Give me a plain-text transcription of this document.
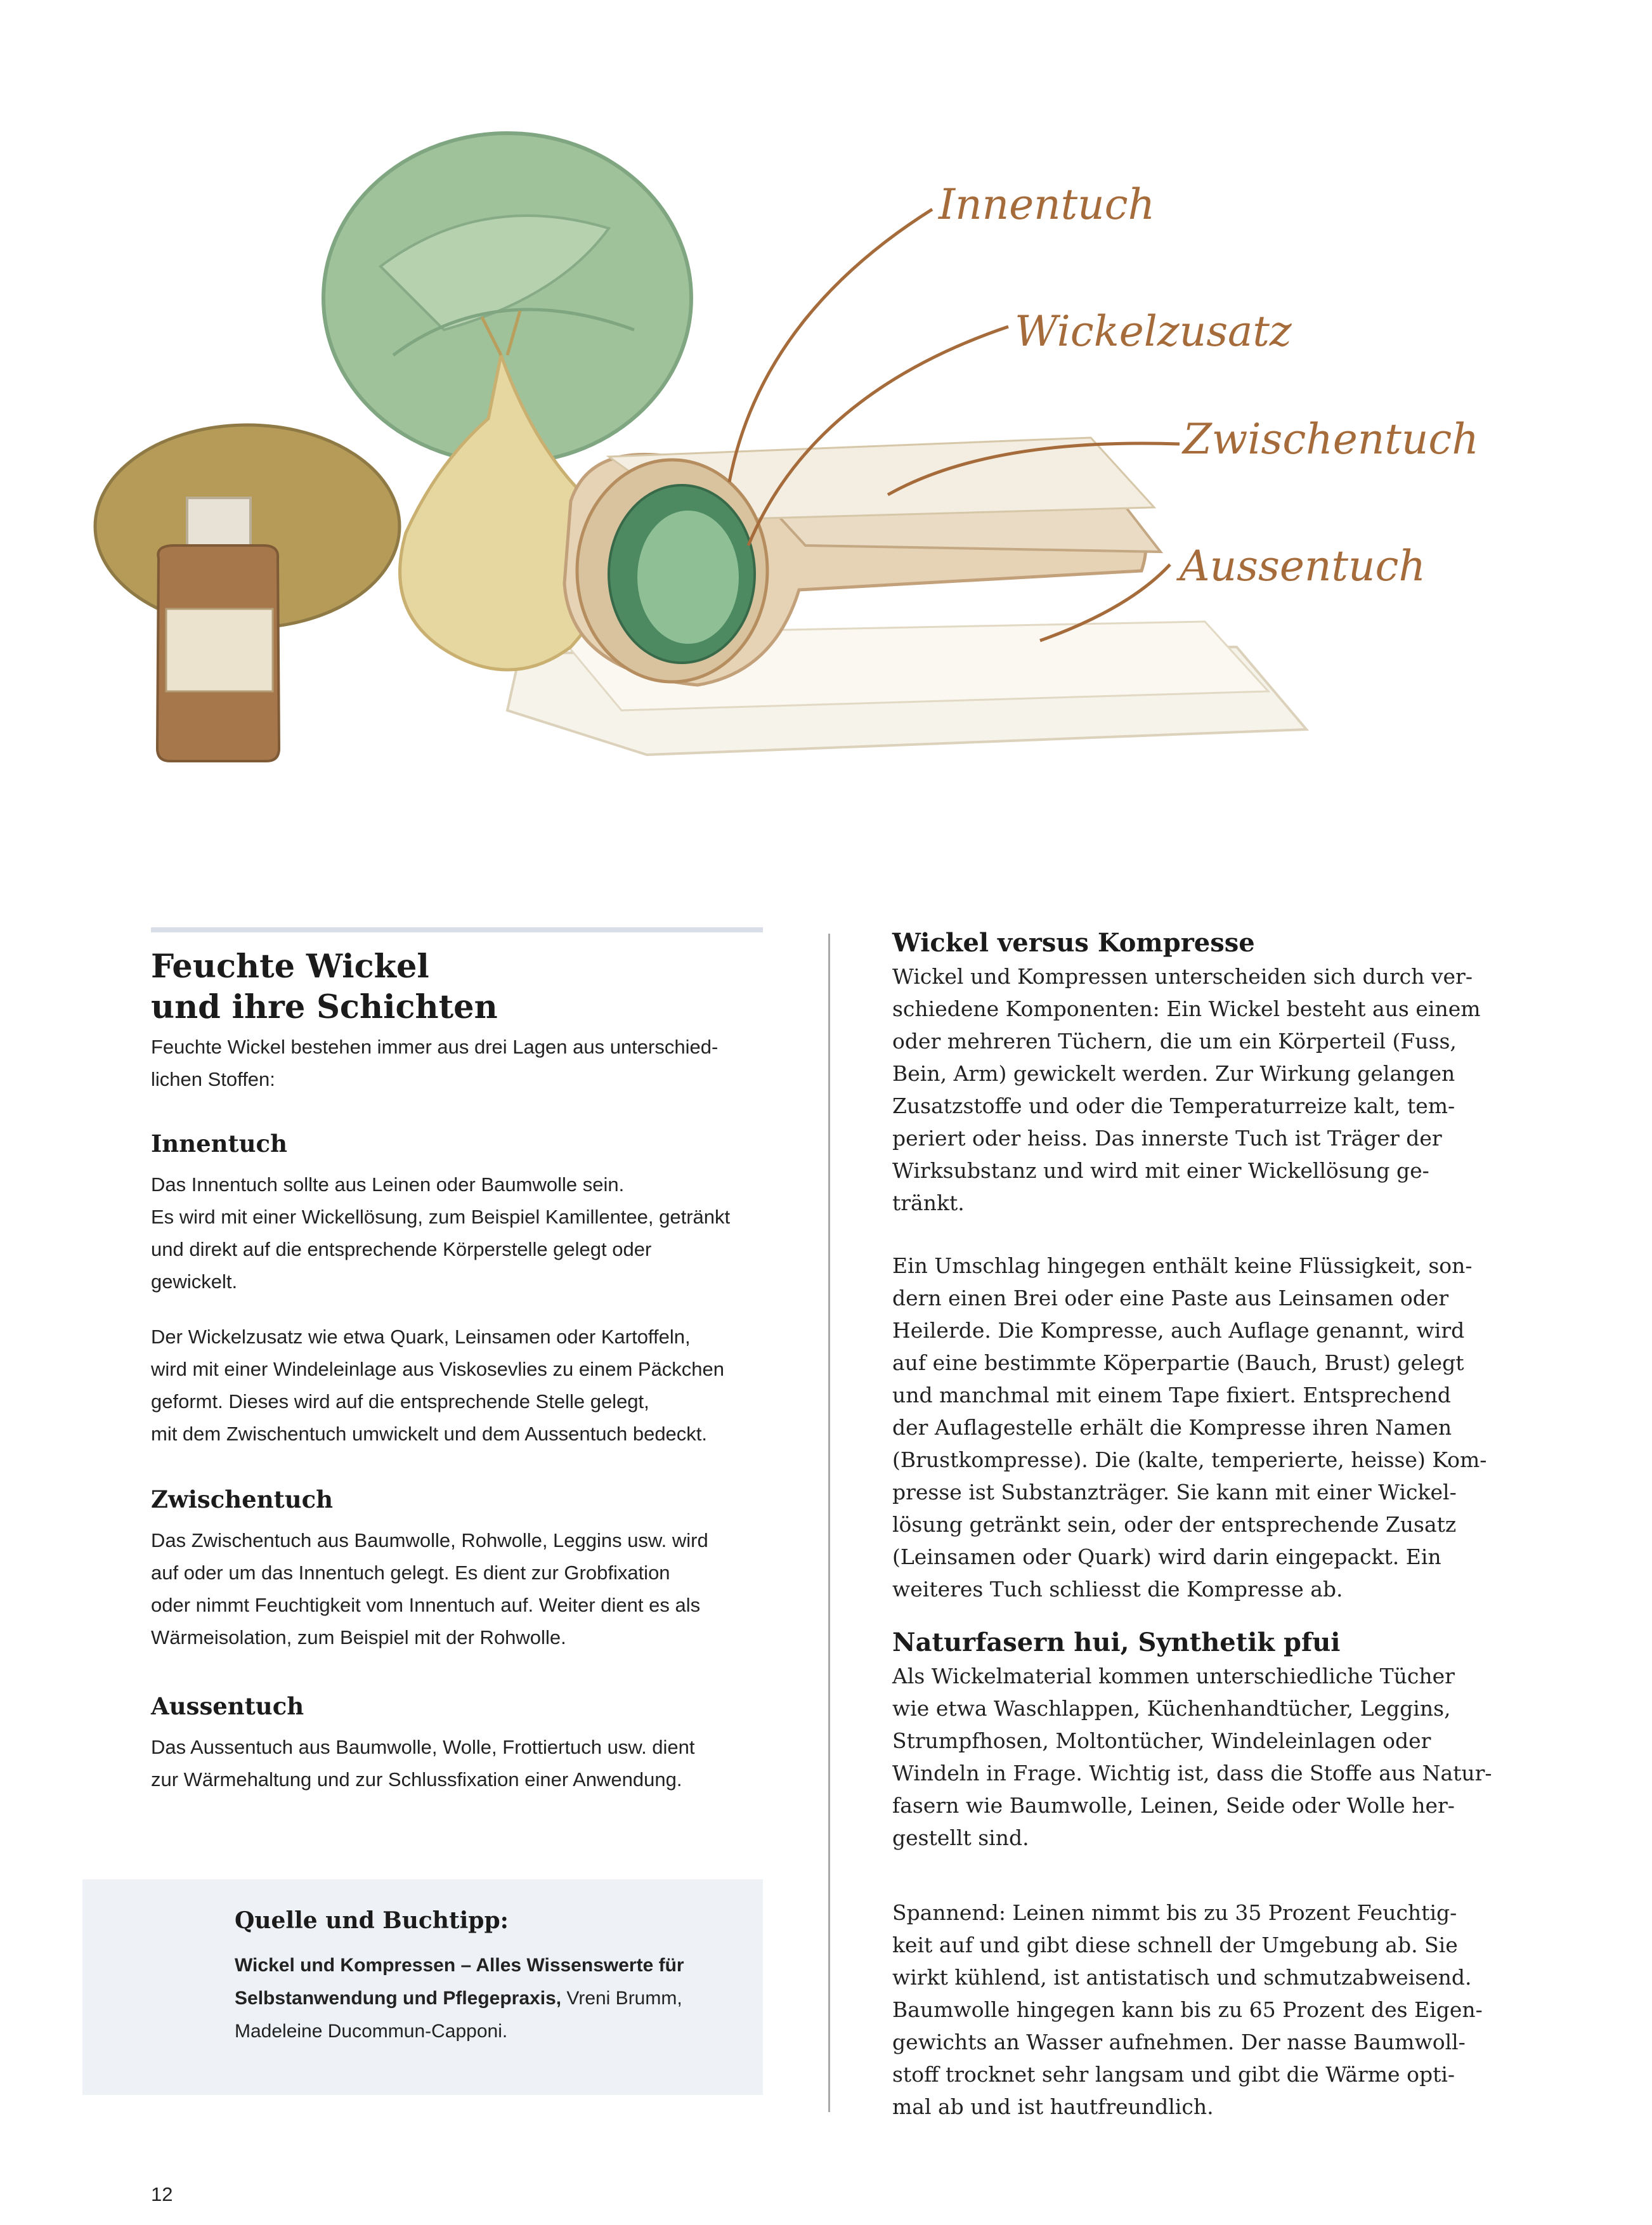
Innentuch
Wickelzusatz
Zwischentuch
Aussentuch
Feuchte Wickel
und ihre Schichten
Feuchte Wickel bestehen immer aus drei Lagen aus unterschied-
lichen Stoffen:
Innentuch
Das Innentuch sollte aus Leinen oder Baumwolle sein.
Es wird mit einer Wickellösung, zum Beispiel Kamillentee, getränkt
und direkt auf die entsprechende Körperstelle gelegt oder
gewickelt.
Der Wickelzusatz wie etwa Quark, Leinsamen oder Kartoffeln,
wird mit einer Windeleinlage aus Viskosevlies zu einem Päckchen
geformt. Dieses wird auf die entsprechende Stelle gelegt,
mit dem Zwischentuch umwickelt und dem Aussentuch bedeckt.
Zwischentuch
Das Zwischentuch aus Baumwolle, Rohwolle, Leggins usw. wird
auf oder um das Innentuch gelegt. Es dient zur Grobfixation
oder nimmt Feuchtigkeit vom Innentuch auf. Weiter dient es als
Wärmeisolation, zum Beispiel mit der Rohwolle.
Aussentuch
Das Aussentuch aus Baumwolle, Wolle, Frottiertuch usw. dient
zur Wärmehaltung und zur Schlussfixation einer Anwendung.
Quelle und Buchtipp:
Wickel und Kompressen – Alles Wissenswerte für
Selbstanwendung und Pflegepraxis, Vreni Brumm,
Madeleine Ducommun-Capponi.
Wickel versus Kompresse
Wickel und Kompressen unterscheiden sich durch ver-
schiedene Komponenten: Ein Wickel besteht aus einem
oder mehreren Tüchern, die um ein Körperteil (Fuss,
Bein, Arm) gewickelt werden. Zur Wirkung gelangen
Zusatzstoffe und oder die Temperaturreize kalt, tem-
periert oder heiss. Das innerste Tuch ist Träger der
Wirksubstanz und wird mit einer Wickellösung ge-
tränkt.
Ein Umschlag hingegen enthält keine Flüssigkeit, son-
dern einen Brei oder eine Paste aus Leinsamen oder
Heilerde. Die Kompresse, auch Auflage genannt, wird
auf eine bestimmte Köperpartie (Bauch, Brust) gelegt
und manchmal mit einem Tape fixiert. Entsprechend
der Auflagestelle erhält die Kompresse ihren Namen
(Brustkompresse). Die (kalte, temperierte, heisse) Kom-
presse ist Substanzträger. Sie kann mit einer Wickel-
lösung getränkt sein, oder der entsprechende Zusatz
(Leinsamen oder Quark) wird darin eingepackt. Ein
weiteres Tuch schliesst die Kompresse ab.
Naturfasern hui, Synthetik pfui
Als Wickelmaterial kommen unterschiedliche Tücher
wie etwa Waschlappen, Küchenhandtücher, Leggins,
Strumpfhosen, Moltontücher, Windeleinlagen oder
Windeln in Frage. Wichtig ist, dass die Stoffe aus Natur-
fasern wie Baumwolle, Leinen, Seide oder Wolle her-
gestellt sind.
Spannend: Leinen nimmt bis zu 35 Prozent Feuchtig-
keit auf und gibt diese schnell der Umgebung ab. Sie
wirkt kühlend, ist antistatisch und schmutzabweisend.
Baumwolle hingegen kann bis zu 65 Prozent des Eigen-
gewichts an Wasser aufnehmen. Der nasse Baumwoll-
stoff trocknet sehr langsam und gibt die Wärme opti-
mal ab und ist hautfreundlich.
12
